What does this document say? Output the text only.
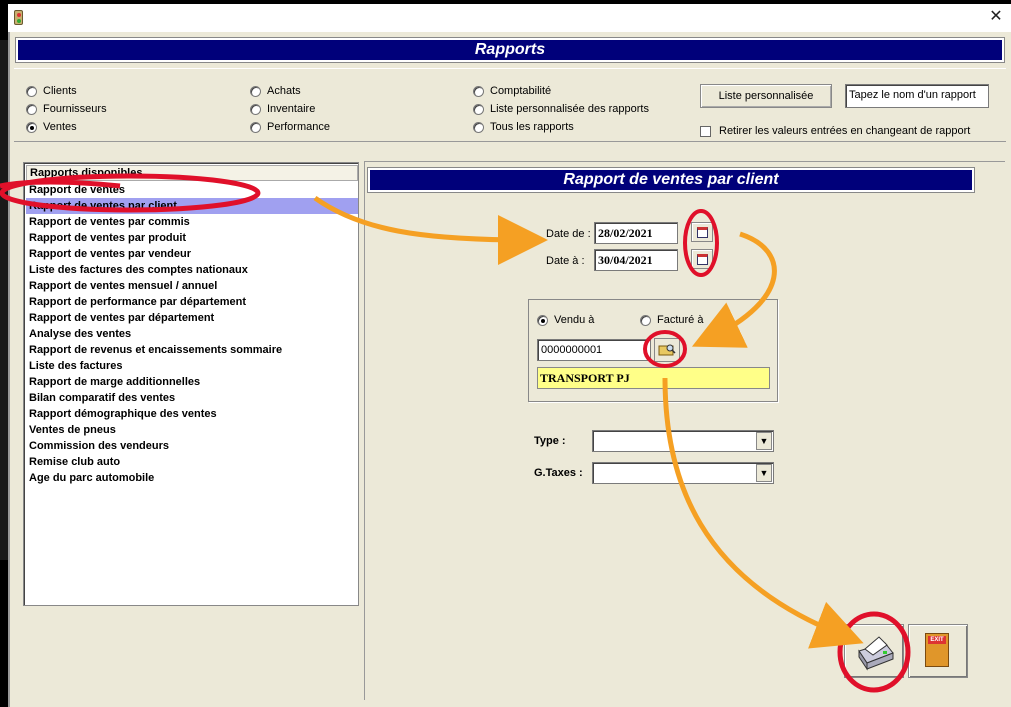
✕
Rapports
Clients
Fournisseurs
Ventes
Achats
Inventaire
Performance
Comptabilité
Liste personnalisée des rapports
Tous les rapports
Liste personnalisée	Tapez le nom d'un rapport
Retirer les valeurs entrées en changeant de rapport
Rapports disponibles
Rapport de ventes
Rapport de ventes par client
Rapport de ventes par commis
Rapport de ventes par produit
Rapport de ventes par vendeur
Liste des factures des comptes nationaux
Rapport de ventes mensuel / annuel
Rapport de performance par département
Rapport de ventes par département
Analyse des ventes
Rapport de revenus et encaissements sommaire
Liste des factures
Rapport de marge additionnelles
Bilan comparatif des ventes
Rapport démographique des ventes
Ventes de pneus
Commission des vendeurs
Remise club auto
Age du parc automobile
Rapport de ventes par client
Date de : 28/02/2021
Date à :	30/04/2021
Vendu à	Facturé à
0000000001
TRANSPORT PJ
Type :	▼
G.Taxes :	▼
EXIT
